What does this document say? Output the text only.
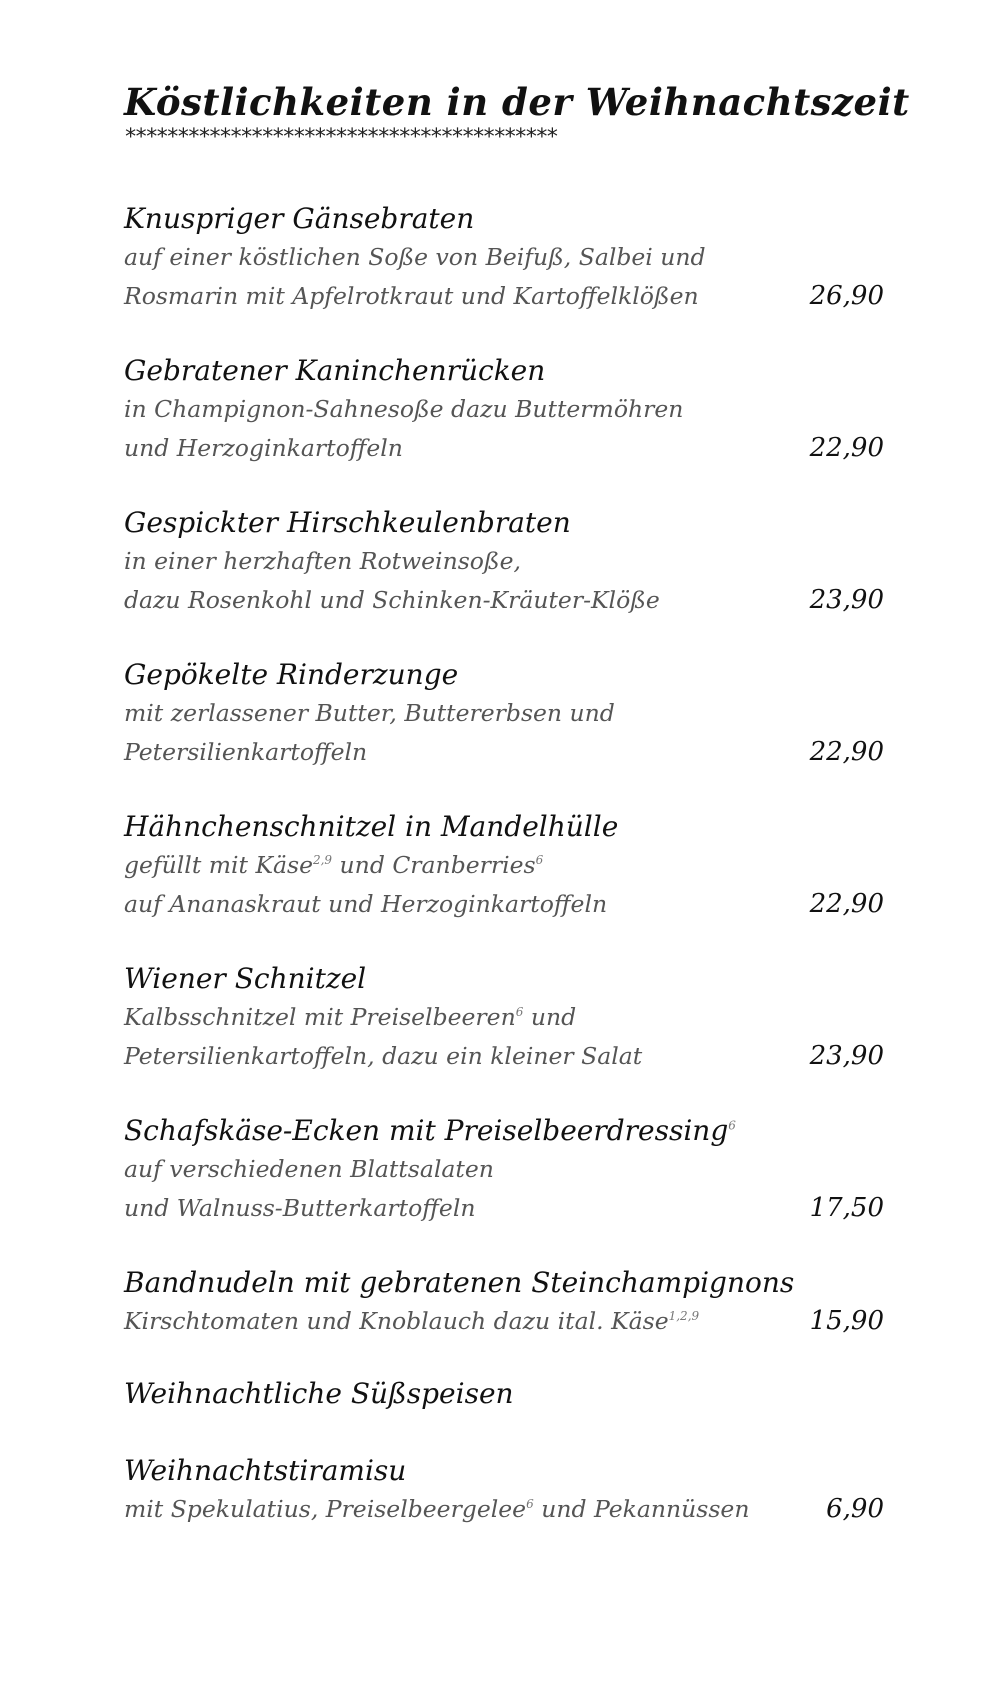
Köstlichkeiten in der Weihnachtszeit
*****************************************
Knuspriger Gänsebraten
auf einer köstlichen Soße von Beifuß, Salbei und
Rosmarin mit Apfelrotkraut und Kartoffelklößen	26,90
Gebratener Kaninchenrücken
in Champignon-Sahnesoße dazu Buttermöhren
und Herzoginkartoffeln	22,90
Gespickter Hirschkeulenbraten
in einer herzhaften Rotweinsoße,
dazu Rosenkohl und Schinken-Kräuter-Klöße	23,90
Gepökelte Rinderzunge
mit zerlassener Butter, Buttererbsen und
Petersilienkartoffeln	22,90
Hähnchenschnitzel in Mandelhülle
gefüllt mit Käse$^{2,9}$ und Cranberries$^6$
auf Ananaskraut und Herzoginkartoffeln	22,90
Wiener Schnitzel
Kalbsschnitzel mit Preiselbeeren$^6$ und
Petersilienkartoffeln, dazu ein kleiner Salat	23,90
Schafskäse-Ecken mit Preiselbeerdressing$^6$
auf verschiedenen Blattsalaten
und Walnuss-Butterkartoffeln	17,50
Bandnudeln mit gebratenen Steinchampignons
Kirschtomaten und Knoblauch dazu ital. Käse$^{1,2,9}$	15,90
Weihnachtliche Süßspeisen
Weihnachtstiramisu
mit Spekulatius, Preiselbeergelee$^6$ und Pekannüssen	6,90
